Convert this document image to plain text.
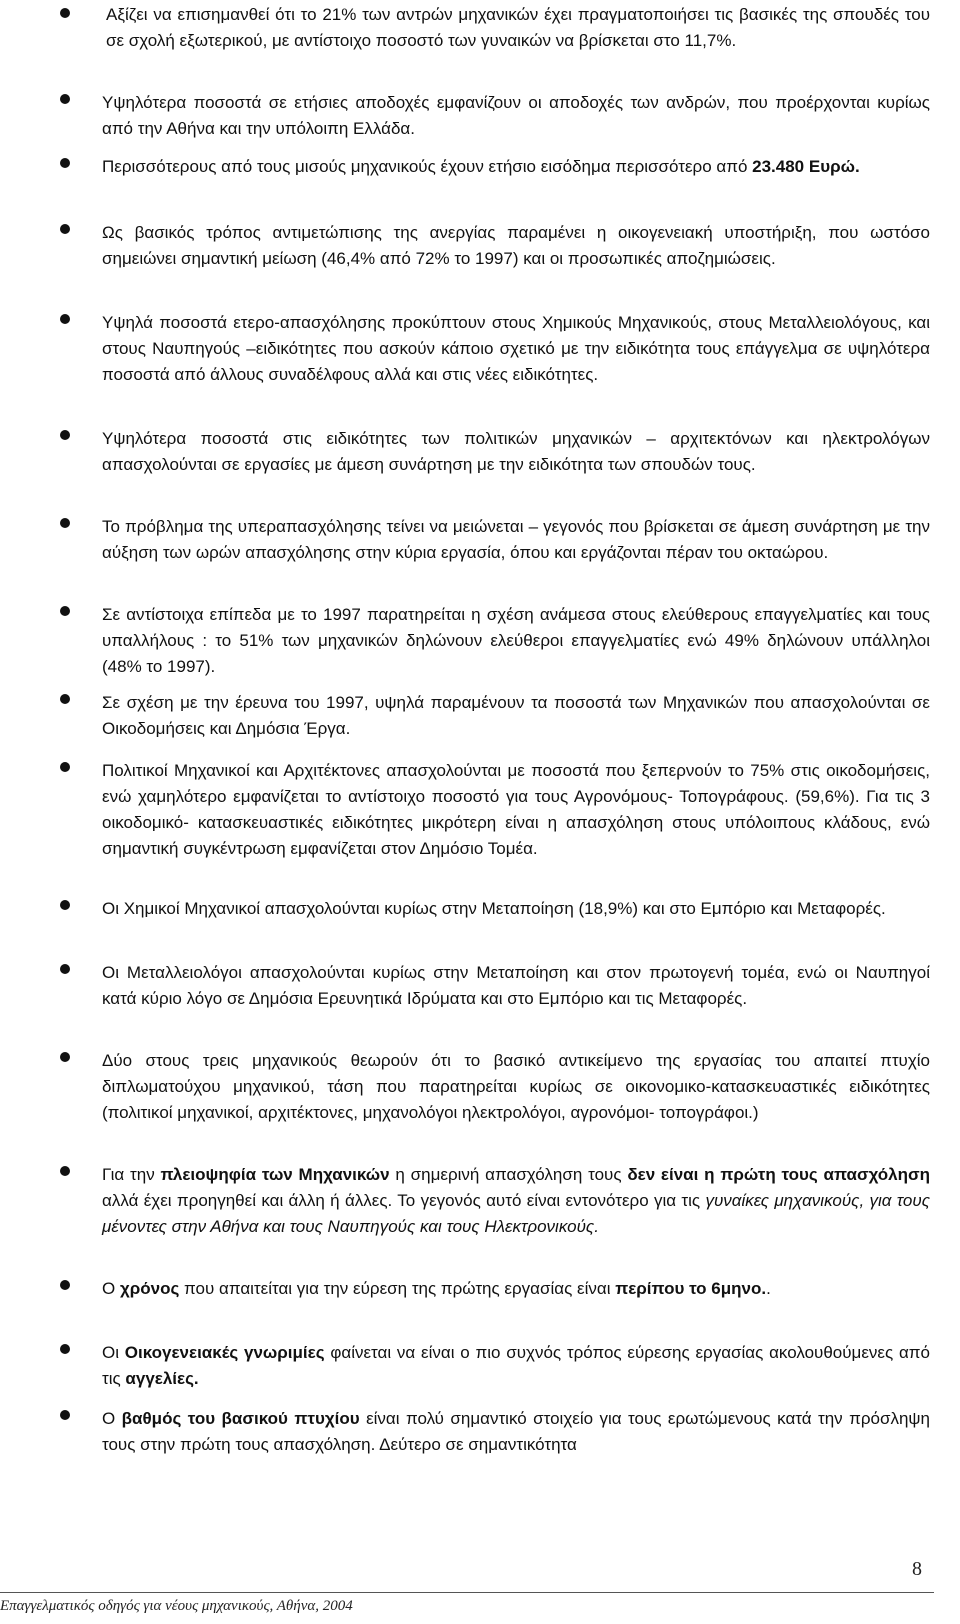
Αξίζει να επισημανθεί ότι το 21% των αντρών μηχανικών έχει πραγματοποιήσει τις βασικές της σπουδές του σε σχολή εξωτερικού, με αντίστοιχο ποσοστό των γυναικών να βρίσκεται στο 11,7%.
Υψηλότερα ποσοστά σε ετήσιες αποδοχές εμφανίζουν οι αποδοχές των ανδρών, που προέρχονται κυρίως από την Αθήνα και την υπόλοιπη Ελλάδα.
Περισσότερους από τους μισούς μηχανικούς έχουν ετήσιο εισόδημα περισσότερο από 23.480 Ευρώ.
Ως βασικός τρόπος αντιμετώπισης της ανεργίας παραμένει η οικογενειακή υποστήριξη, που ωστόσο σημειώνει σημαντική μείωση (46,4% από 72% το 1997) και οι προσωπικές αποζημιώσεις.
Υψηλά ποσοστά ετερο-απασχόλησης προκύπτουν στους Χημικούς Μηχανικούς, στους Μεταλλειολόγους, και στους Ναυπηγούς –ειδικότητες που ασκούν κάποιο σχετικό με την ειδικότητα τους επάγγελμα σε υψηλότερα ποσοστά από άλλους συναδέλφους αλλά και στις νέες ειδικότητες.
Υψηλότερα ποσοστά στις ειδικότητες των πολιτικών μηχανικών – αρχιτεκτόνων και ηλεκτρολόγων απασχολούνται σε εργασίες με άμεση συνάρτηση με την ειδικότητα των σπουδών τους.
Το πρόβλημα της υπεραπασχόλησης τείνει να μειώνεται – γεγονός που βρίσκεται σε άμεση συνάρτηση με την αύξηση των ωρών απασχόλησης στην κύρια εργασία, όπου και εργάζονται πέραν του οκταώρου.
Σε αντίστοιχα επίπεδα με το 1997 παρατηρείται η σχέση ανάμεσα στους ελεύθερους επαγγελματίες και τους υπαλλήλους : το 51% των μηχανικών δηλώνουν ελεύθεροι επαγγελματίες ενώ 49% δηλώνουν υπάλληλοι (48% το 1997).
Σε σχέση με την έρευνα του 1997, υψηλά παραμένουν τα ποσοστά των Μηχανικών που απασχολούνται σε Οικοδομήσεις και Δημόσια Έργα.
Πολιτικοί Μηχανικοί και Αρχιτέκτονες απασχολούνται με ποσοστά που ξεπερνούν το 75% στις οικοδομήσεις, ενώ χαμηλότερο εμφανίζεται το αντίστοιχο ποσοστό για τους Αγρονόμους- Τοπογράφους. (59,6%). Για τις 3 οικοδομικό- κατασκευαστικές ειδικότητες μικρότερη είναι η απασχόληση στους υπόλοιπους κλάδους, ενώ σημαντική συγκέντρωση εμφανίζεται στον Δημόσιο Τομέα.
Οι Χημικοί Μηχανικοί απασχολούνται κυρίως στην Μεταποίηση (18,9%) και στο Εμπόριο και Μεταφορές.
Οι Μεταλλειολόγοι απασχολούνται κυρίως στην Μεταποίηση και στον πρωτογενή τομέα, ενώ οι Ναυπηγοί κατά κύριο λόγο σε Δημόσια Ερευνητικά Ιδρύματα και στο Εμπόριο και τις Μεταφορές.
Δύο στους τρεις μηχανικούς θεωρούν ότι το βασικό αντικείμενο της εργασίας του απαιτεί πτυχίο διπλωματούχου μηχανικού, τάση που παρατηρείται κυρίως σε οικονομικο-κατασκευαστικές ειδικότητες (πολιτικοί μηχανικοί, αρχιτέκτονες, μηχανολόγοι ηλεκτρολόγοι, αγρονόμοι- τοπογράφοι.)
Για την πλειοψηφία των Μηχανικών η σημερινή απασχόληση τους δεν είναι η πρώτη τους απασχόληση αλλά έχει προηγηθεί και άλλη ή άλλες. Το γεγονός αυτό είναι εντονότερο για τις γυναίκες μηχανικούς, για τους μένοντες στην Αθήνα και τους Ναυπηγούς και τους Ηλεκτρονικούς.
Ο χρόνος που απαιτείται για την εύρεση της πρώτης εργασίας είναι περίπου το 6μηνο..
Οι Οικογενειακές γνωριμίες φαίνεται να είναι ο πιο συχνός τρόπος εύρεσης εργασίας ακολουθούμενες από τις αγγελίες.
Ο βαθμός του βασικού πτυχίου είναι πολύ σημαντικό στοιχείο για τους ερωτώμενους κατά την πρόσληψη τους στην πρώτη τους απασχόληση. Δεύτερο σε σημαντικότητα
8
Επαγγελματικός οδηγός για νέους μηχανικούς, Αθήνα, 2004
